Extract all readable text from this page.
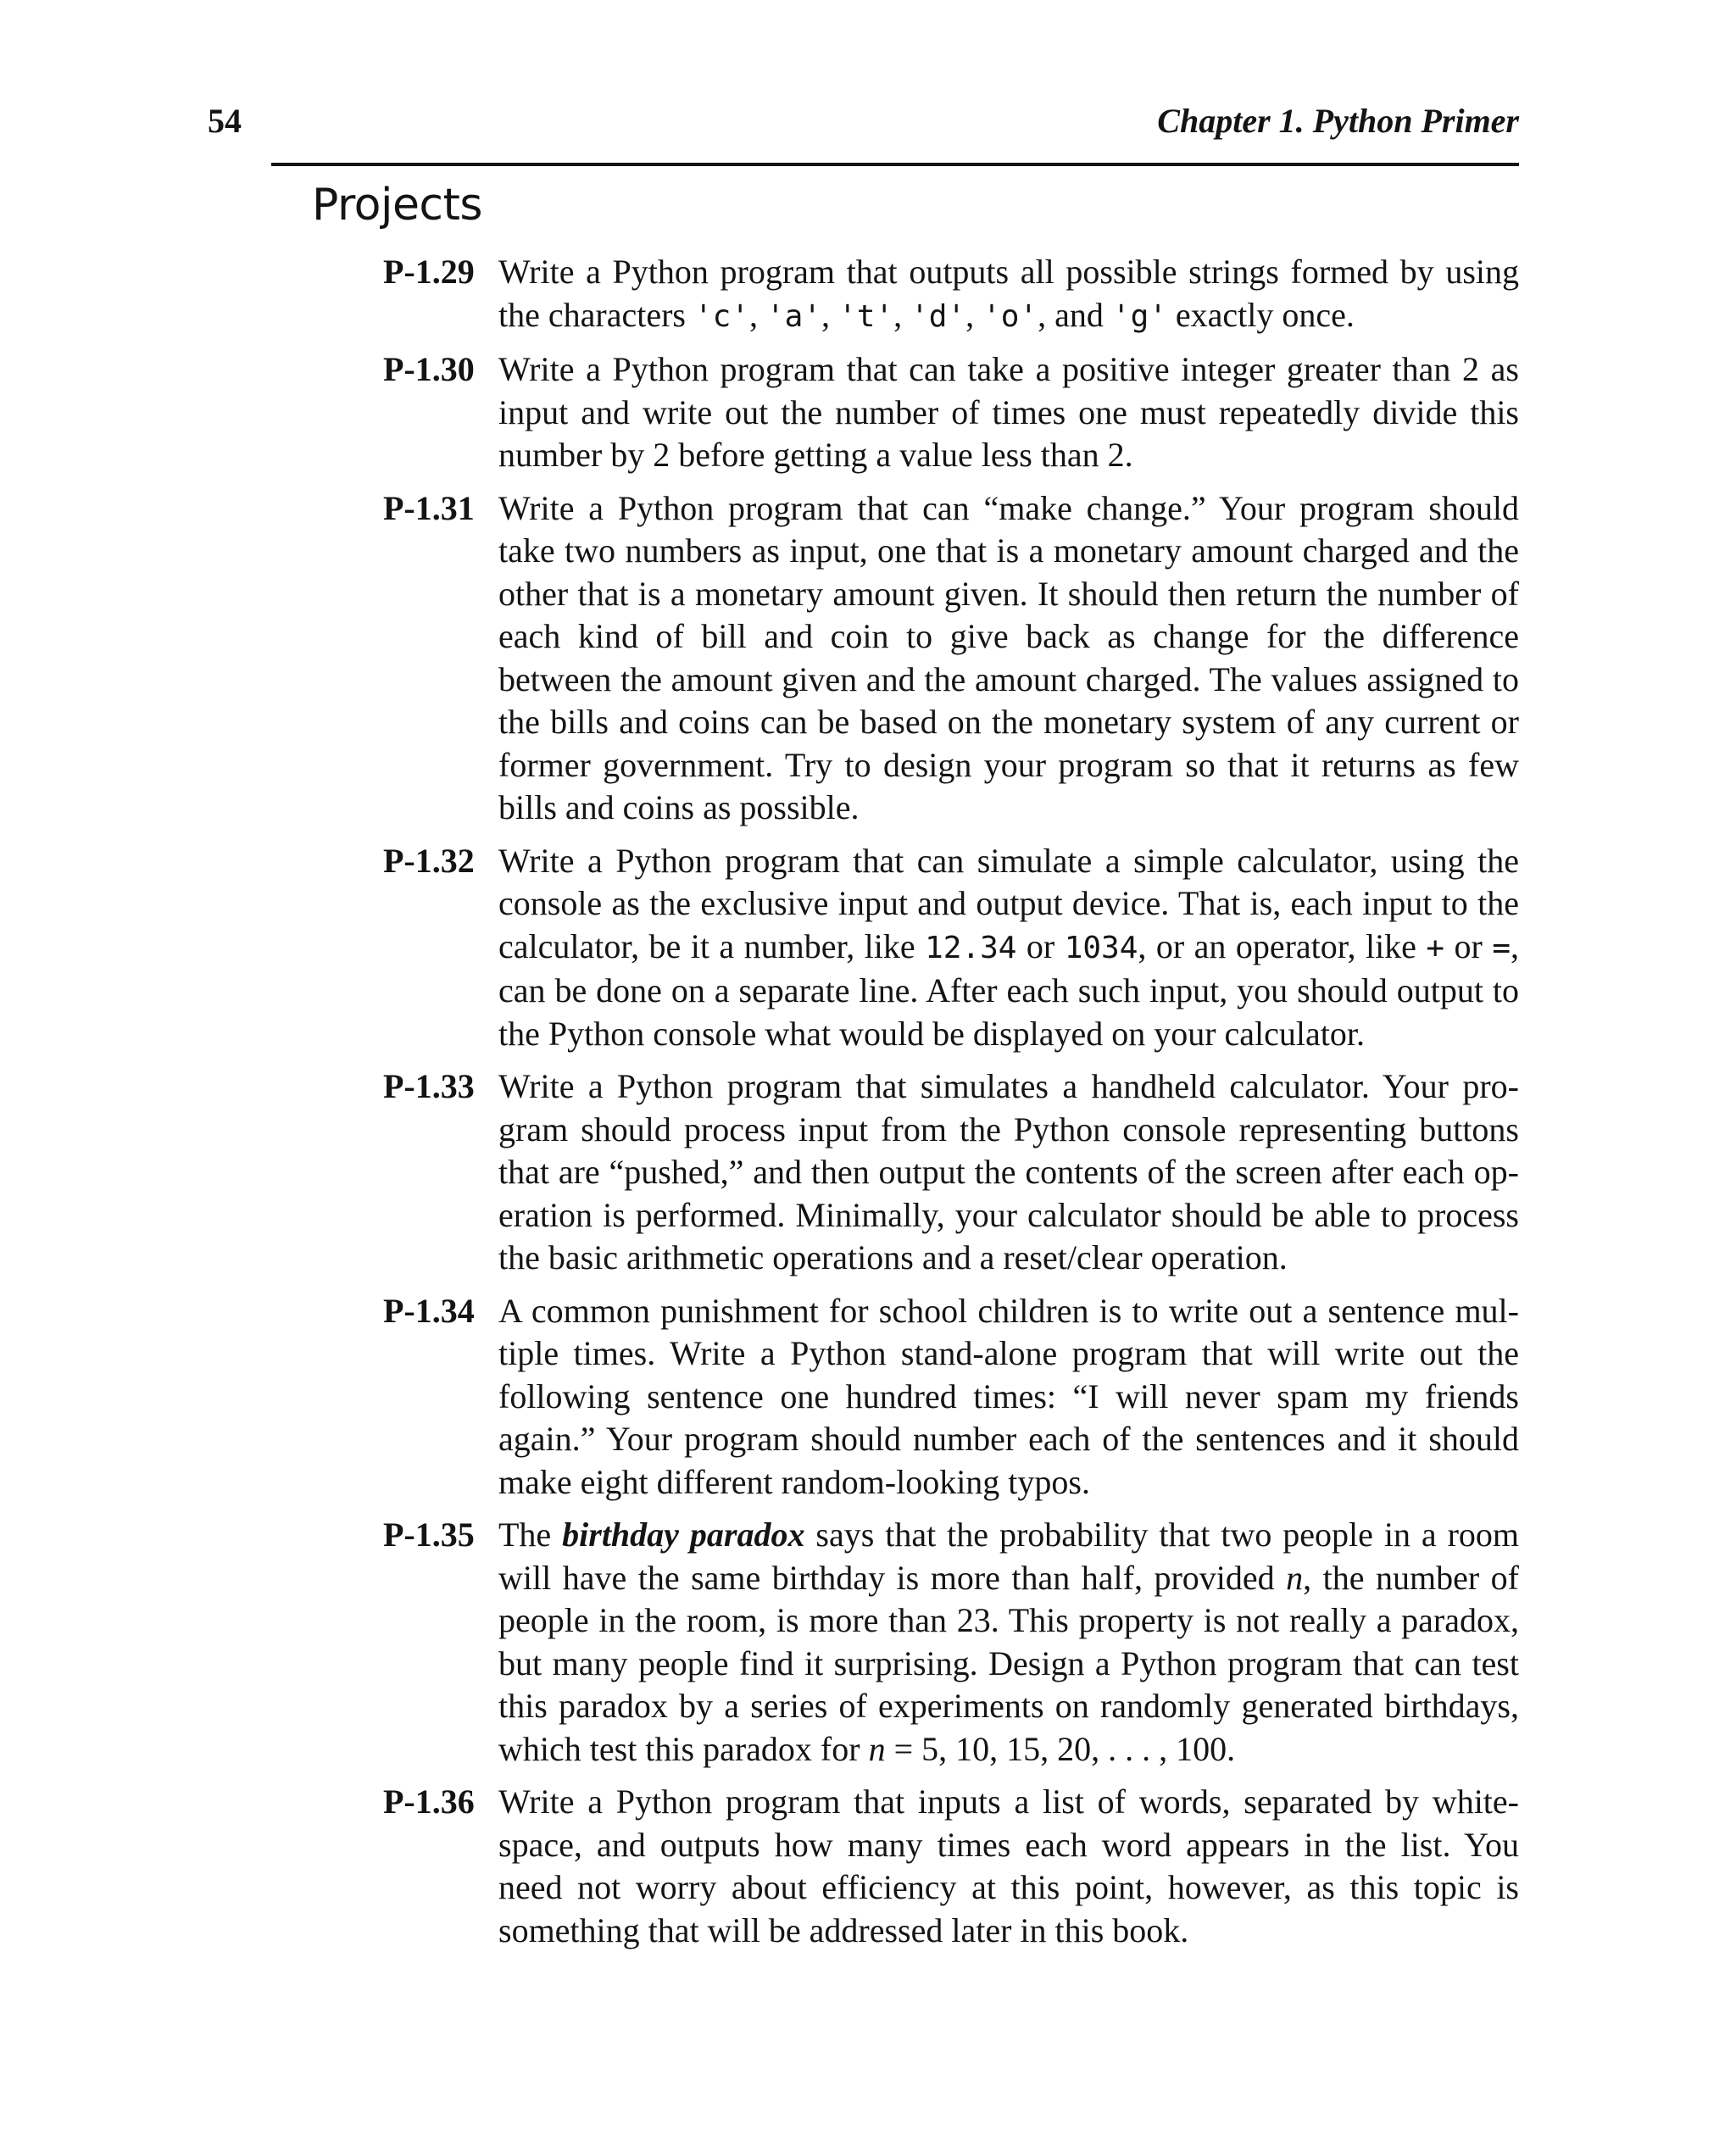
54	Chapter 1. Python Primer
Projects
P-1.29 Write a Python program that outputs all possible strings formed by using the characters 'c', 'a', 't', 'd', 'o', and 'g' exactly once.
P-1.30 Write a Python program that can take a positive integer greater than 2 as input and write out the number of times one must repeatedly divide this number by 2 before getting a value less than 2.
P-1.31 Write a Python program that can “make change.” Your program should take two numbers as input, one that is a monetary amount charged and the other that is a monetary amount given. It should then return the number of each kind of bill and coin to give back as change for the difference between the amount given and the amount charged. The values assigned to the bills and coins can be based on the monetary system of any current or former government. Try to design your program so that it returns as few bills and coins as possible.
P-1.32 Write a Python program that can simulate a simple calculator, using the console as the exclusive input and output device. That is, each input to the calculator, be it a number, like 12.34 or 1034, or an operator, like + or =, can be done on a separate line. After each such input, you should output to the Python console what would be displayed on your calculator.
P-1.33 Write a Python program that simulates a handheld calculator. Your program should process input from the Python console representing buttons that are “pushed,” and then output the contents of the screen after each operation is performed. Minimally, your calculator should be able to process the basic arithmetic operations and a reset/clear operation.
P-1.34 A common punishment for school children is to write out a sentence multiple times. Write a Python stand-alone program that will write out the following sentence one hundred times: “I will never spam my friends again.” Your program should number each of the sentences and it should make eight different random-looking typos.
P-1.35 The birthday paradox says that the probability that two people in a room will have the same birthday is more than half, provided n, the number of people in the room, is more than 23. This property is not really a paradox, but many people find it surprising. Design a Python program that can test this paradox by a series of experiments on randomly generated birthdays, which test this paradox for n = 5, 10, 15, 20, . . . , 100.
P-1.36 Write a Python program that inputs a list of words, separated by whitespace, and outputs how many times each word appears in the list. You need not worry about efficiency at this point, however, as this topic is something that will be addressed later in this book.
